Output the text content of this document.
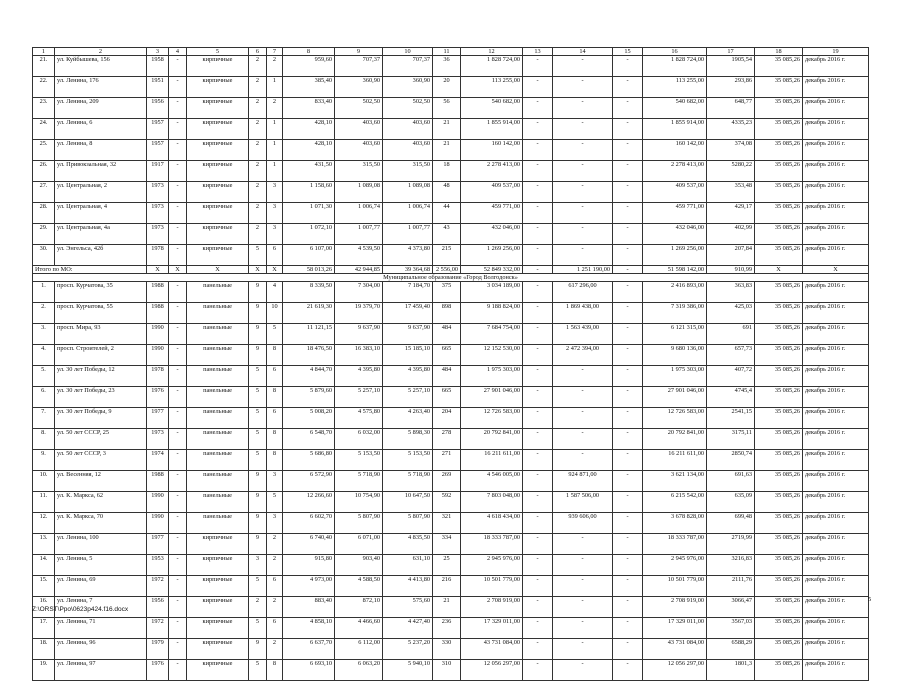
1	2	3	4	5	6	7	8	9	10	11	12	13	14	15	16	17	18	19
21.	ул. Куйбышева, 156	1958	-	кирпичные	2	2	959,60	707,37	707,37	36	1 828 724,00	-	-	-	1 828 724,00	1905,54	35 085,26	декабрь 2016 г.
22.	ул. Ленина, 176	1951	-	кирпичные	2	1	385,40	360,90	360,90	20	113 255,00	-	-	-	113 255,00	293,86	35 085,26	декабрь 2016 г.
23.	ул. Ленина, 209	1956	-	кирпичные	2	2	833,40	502,50	502,50	56	540 682,00	-	-	-	540 682,00	648,77	35 085,26	декабрь 2016 г.
24.	ул. Ленина, 6	1957	-	кирпичные	2	1	428,10	403,60	403,60	21	1 855 914,00	-	-	-	1 855 914,00	4335,23	35 085,26	декабрь 2016 г.
25.	ул. Ленина, 8	1957	-	кирпичные	2	1	428,10	403,60	403,60	21	160 142,00	-	-	-	160 142,00	374,08	35 085,26	декабрь 2016 г.
26.	ул. Привокзальная, 32	1917	-	кирпичные	2	1	431,50	315,50	315,50	18	2 278 413,00	-	-	-	2 278 413,00	5280,22	35 085,26	декабрь 2016 г.
27.	ул. Центральная, 2	1973	-	кирпичные	2	3	1 158,60	1 089,08	1 089,08	48	409 537,00	-	-	-	409 537,00	353,48	35 085,26	декабрь 2016 г.
28.	ул. Центральная, 4	1973	-	кирпичные	2	3	1 071,30	1 006,74	1 006,74	44	459 771,00	-	-	-	459 771,00	429,17	35 085,26	декабрь 2016 г.
29.	ул. Центральная, 4а	1973	-	кирпичные	2	3	1 072,10	1 007,77	1 007,77	43	432 046,00	-	-	-	432 046,00	402,99	35 085,26	декабрь 2016 г.
30.	ул. Энгельса, 42б	1978	-	кирпичные	5	6	6 107,00	4 539,50	4 373,80	215	1 269 256,00	-	-	-	1 269 256,00	207,84	35 085,26	декабрь 2016 г.
Итого по МО:		X	X	X	X	X	58 013,26	42 944,85	39 364,68	2 556,00	52 849 332,00	-	1 251 190,00	-	51 598 142,00	910,99	X	X
Муниципальное образование «Город Волгодонск»																		
1.	просп. Курчатова, 35	1988	-	панельные	9	4	8 339,50	7 304,00	7 184,70	375	3 034 189,00	-	617 296,00	-	2 416 893,00	363,83	35 085,26	декабрь 2016 г.
2.	просп. Курчатова, 55	1988	-	панельные	9	10	21 619,30	19 379,70	17 459,40	898	9 188 824,00	-	1 869 438,00	-	7 319 386,00	425,03	35 085,26	декабрь 2016 г.
3.	просп. Мира, 93	1990	-	панельные	9	5	11 121,15	9 637,90	9 637,90	484	7 684 754,00	-	1 563 439,00	-	6 121 315,00	691	35 085,26	декабрь 2016 г.
4.	просп. Строителей, 2	1990	-	панельные	9	8	18 476,50	16 383,10	15 185,10	665	12 152 530,00	-	2 472 394,00	-	9 680 136,00	657,73	35 085,26	декабрь 2016 г.
5.	ул. 30 лет Победы, 12	1978	-	панельные	5	6	4 844,70	4 395,80	4 395,80	484	1 975 303,00	-	-	-	1 975 303,00	407,72	35 085,26	декабрь 2016 г.
6.	ул. 30 лет Победы, 23	1976	-	панельные	5	8	5 879,60	5 257,10	5 257,10	665	27 901 046,00	-	-	-	27 901 046,00	4745,4	35 085,26	декабрь 2016 г.
7.	ул. 30 лет Победы, 9	1977	-	панельные	5	6	5 008,20	4 575,80	4 263,40	204	12 726 583,00	-	-	-	12 726 583,00	2541,15	35 085,26	декабрь 2016 г.
8.	ул. 50 лет СССР, 25	1973	-	панельные	5	8	6 548,70	6 032,00	5 898,30	278	20 792 841,00	-	-	-	20 792 841,00	3175,11	35 085,26	декабрь 2016 г.
9.	ул. 50 лет СССР, 3	1974	-	панельные	5	8	5 686,80	5 153,50	5 153,50	271	16 211 611,00	-	-	-	16 211 611,00	2850,74	35 085,26	декабрь 2016 г.
10.	ул. Весенняя, 12	1988	-	панельные	9	3	6 572,90	5 718,90	5 718,90	269	4 546 005,00	-	924 871,00	-	3 621 134,00	691,63	35 085,26	декабрь 2016 г.
11.	ул. К. Маркса, 62	1990	-	панельные	9	5	12 266,60	10 754,90	10 647,50	592	7 803 048,00	-	1 587 506,00	-	6 215 542,00	635,09	35 085,26	декабрь 2016 г.
12.	ул. К. Маркса, 70	1990	-	панельные	9	3	6 602,70	5 807,90	5 807,90	321	4 618 434,00	-	939 606,00	-	3 678 828,00	699,48	35 085,26	декабрь 2016 г.
13.	ул. Ленина, 100	1977	-	кирпичные	9	2	6 740,40	6 071,00	4 835,50	334	18 333 787,00	-	-	-	18 333 787,00	2719,99	35 085,26	декабрь 2016 г.
14.	ул. Ленина, 5	1953	-	кирпичные	3	2	915,80	903,40	631,10	25	2 945 976,00	-	-	-	2 945 976,00	3216,83	35 085,26	декабрь 2016 г.
15.	ул. Ленина, 69	1972	-	кирпичные	5	6	4 973,00	4 588,50	4 413,80	216	10 501 779,00	-	-	-	10 501 779,00	2111,76	35 085,26	декабрь 2016 г.
16.	ул. Ленина, 7	1956	-	кирпичные	2	2	883,40	872,10	575,60	21	2 708 919,00	-	-	-	2 708 919,00	3066,47	35 085,26	декабрь 2016 г.
17.	ул. Ленина, 71	1972	-	кирпичные	5	6	4 858,10	4 466,60	4 427,40	236	17 329 011,00	-	-	-	17 329 011,00	3567,03	35 085,26	декабрь 2016 г.
18.	ул. Ленина, 96	1979	-	кирпичные	9	2	6 637,70	6 112,00	5 237,20	330	43 731 084,00	-	-	-	43 731 084,00	6588,29	35 085,26	декабрь 2016 г.
19.	ул. Ленина, 97	1976	-	кирпичные	5	8	6 693,10	6 063,20	5 940,10	310	12 056 297,00	-	-	-	12 056 297,00	1801,3	35 085,26	декабрь 2016 г.
5
Z:\ORST\Ppo\0623p424.f16.docx
